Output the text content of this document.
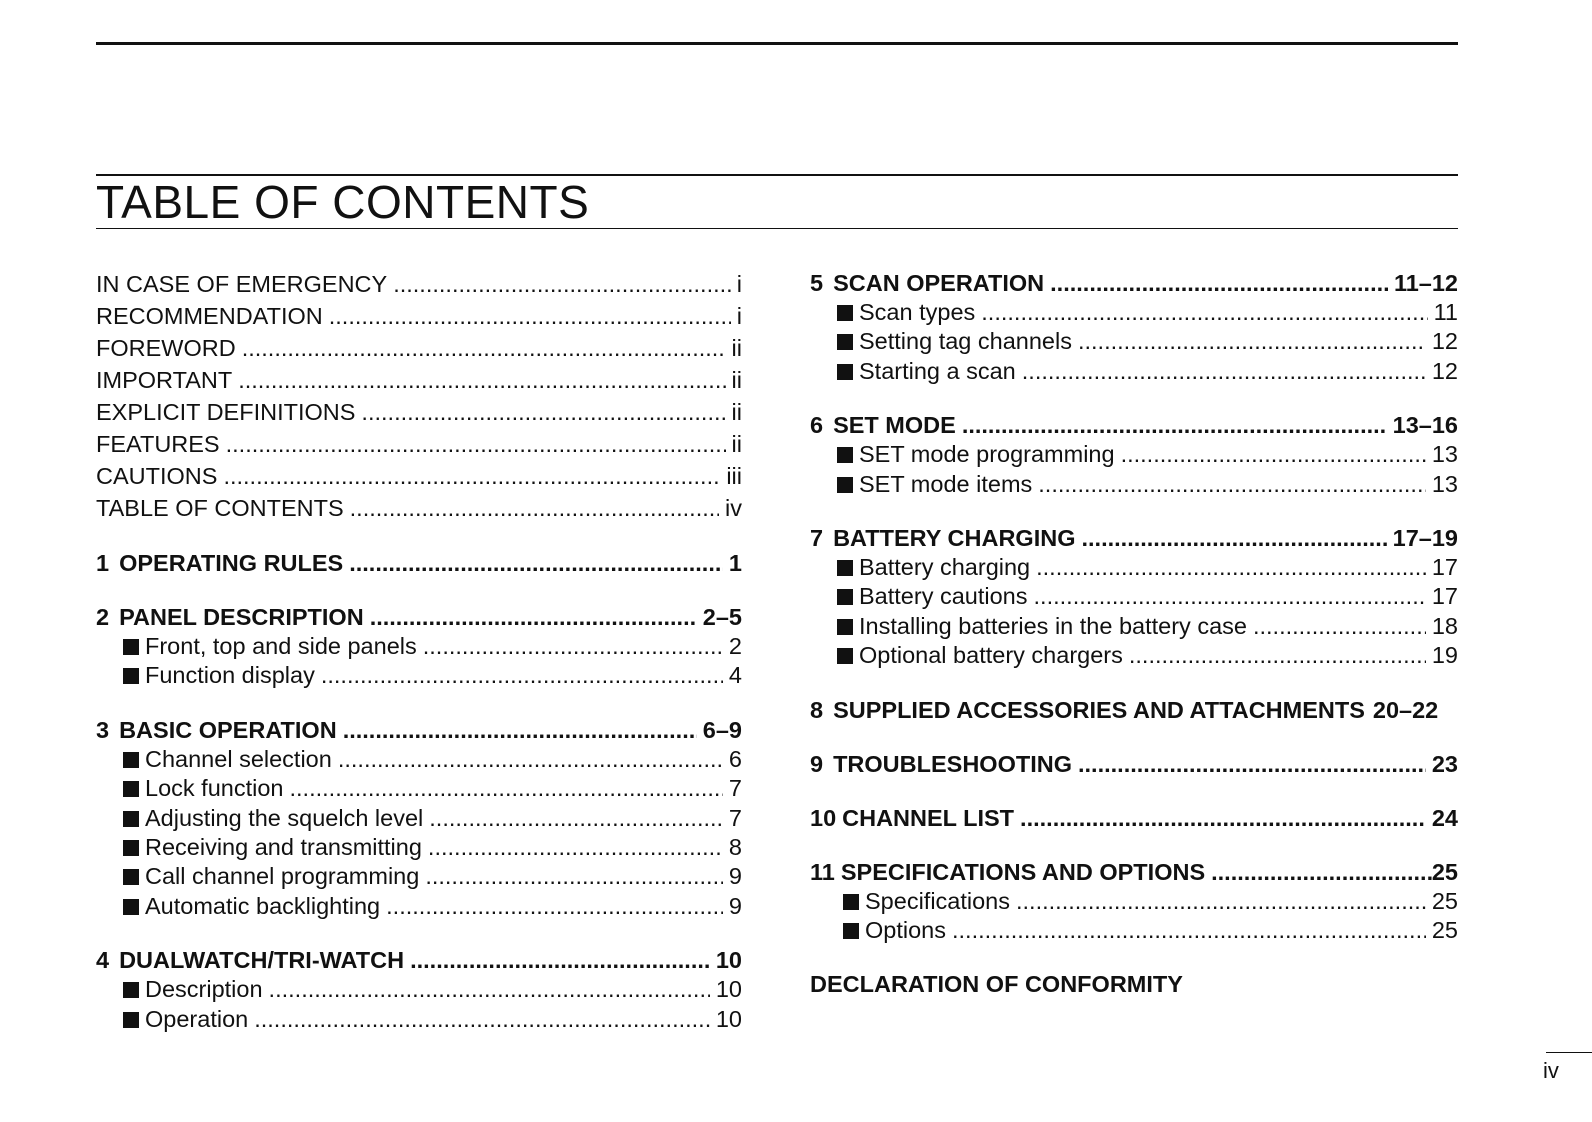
TABLE OF CONTENTS
IN CASE OF EMERGENCY .....	i
RECOMMENDATION .....	i
FOREWORD .....	ii
IMPORTANT .....	ii
EXPLICIT DEFINITIONS .....	ii
FEATURES .....	ii
CAUTIONS .....	iii
TABLE OF CONTENTS .....	iv
1 OPERATING RULES .....	1
2 PANEL DESCRIPTION .....	2–5
Front, top and side panels .....	2
Function display .....	4
3 BASIC OPERATION .....	6–9
Channel selection .....	6
Lock function .....	7
Adjusting the squelch level .....	7
Receiving and transmitting .....	8
Call channel programming .....	9
Automatic backlighting .....	9
4 DUALWATCH/TRI-WATCH .....	10
Description .....	10
Operation .....	10
5 SCAN OPERATION .....	11–12
Scan types .....	11
Setting tag channels .....	12
Starting a scan .....	12
6 SET MODE .....	13–16
SET mode programming .....	13
SET mode items .....	13
7 BATTERY CHARGING .....	17–19
Battery charging .....	17
Battery cautions .....	17
Installing batteries in the battery case .....	18
Optional battery chargers .....	19
8 SUPPLIED ACCESSORIES AND ATTACHMENTS 20–22
9 TROUBLESHOOTING .....	23
10 CHANNEL LIST .....	24
11 SPECIFICATIONS AND OPTIONS .....	25
Specifications .....	25
Options .....	25
DECLARATION OF CONFORMITY
iv
